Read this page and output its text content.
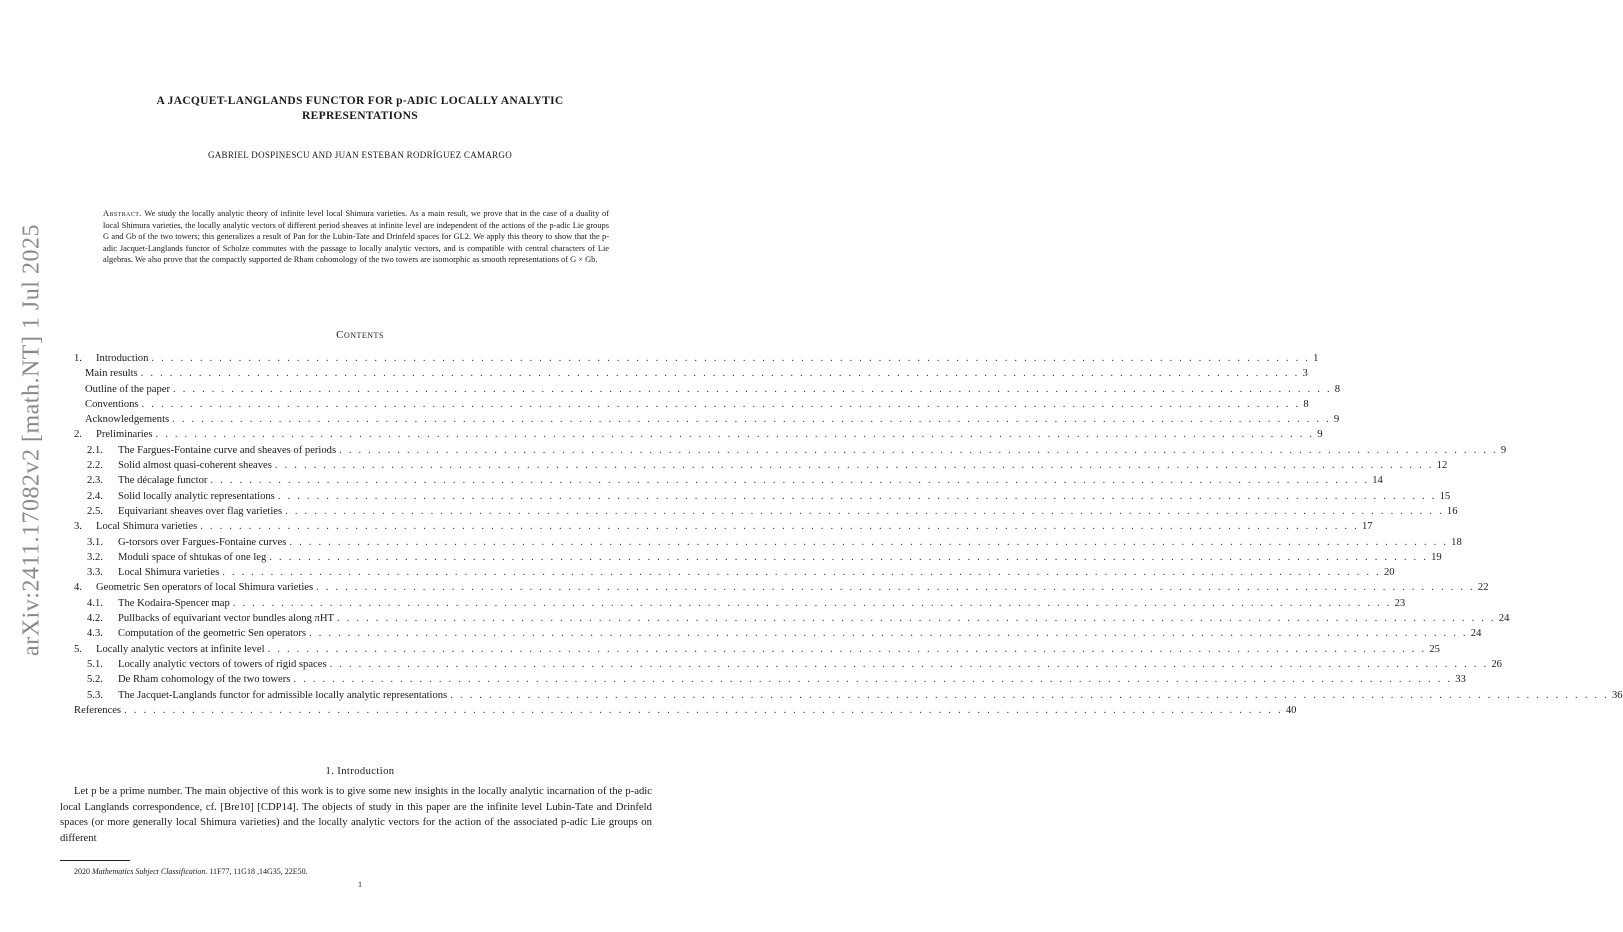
arXiv:2411.17082v2 [math.NT] 1 Jul 2025
A JACQUET-LANGLANDS FUNCTOR FOR p-ADIC LOCALLY ANALYTIC
REPRESENTATIONS
GABRIEL DOSPINESCU AND JUAN ESTEBAN RODRÍGUEZ CAMARGO
Abstract. We study the locally analytic theory of infinite level local Shimura varieties. As a main result, we prove that in the case of a duality of local Shimura varieties, the locally analytic vectors of different period sheaves at infinite level are independent of the actions of the p-adic Lie groups G and Gb of the two towers; this generalizes a result of Pan for the Lubin-Tate and Drinfeld spaces for GL2. We apply this theory to show that the p-adic Jacquet-Langlands functor of Scholze commutes with the passage to locally analytic vectors, and is compatible with central characters of Lie algebras. We also prove that the compactly supported de Rham cohomology of the two towers are isomorphic as smooth representations of G × Gb.
Contents
1. Introduction . . . . . . . . . . . . . . . . . . . . . . . . . . . . . . . . . . . . . . . . . . . . . . . . . . . . . . . . . . . . . . . . . . . . . . . . . . . . . . . . . . . . . . . . . . . . . . . . . . . . . . . . . . . . . . . . . . . . . . . . 1
Main results . . . . . . . . . . . . . . . . . . . . . . . . . . . . . . . . . . . . . . . . . . . . . . . . . . . . . . . . . . . . . . . . . . . . . . . . . . . . . . . . . . . . . . . . . . . . . . . . . . . . . . . . . . . . . . . . . . . . . . . . 3
Outline of the paper . . . . . . . . . . . . . . . . . . . . . . . . . . . . . . . . . . . . . . . . . . . . . . . . . . . . . . . . . . . . . . . . . . . . . . . . . . . . . . . . . . . . . . . . . . . . . . . . . . . . . . . . . . . . . . . . . . . . . . . . 8
Conventions . . . . . . . . . . . . . . . . . . . . . . . . . . . . . . . . . . . . . . . . . . . . . . . . . . . . . . . . . . . . . . . . . . . . . . . . . . . . . . . . . . . . . . . . . . . . . . . . . . . . . . . . . . . . . . . . . . . . . . . . 8
Acknowledgements . . . . . . . . . . . . . . . . . . . . . . . . . . . . . . . . . . . . . . . . . . . . . . . . . . . . . . . . . . . . . . . . . . . . . . . . . . . . . . . . . . . . . . . . . . . . . . . . . . . . . . . . . . . . . . . . . . . . . . . . 9
2. Preliminaries . . . . . . . . . . . . . . . . . . . . . . . . . . . . . . . . . . . . . . . . . . . . . . . . . . . . . . . . . . . . . . . . . . . . . . . . . . . . . . . . . . . . . . . . . . . . . . . . . . . . . . . . . . . . . . . . . . . . . . . . 9
2.1. The Fargues-Fontaine curve and sheaves of periods . . . . . . . . . . . . . . . . . . . . . . . . . . . . . . . . . . . . . . . . . . . . . . . . . . . . . . . . . . . . . . . . . . . . . . . . . . . . . . . . . . . . . . . . . . . . . . . . . . . . . . . . . . . . . . . . . . . . . . . . 9
2.2. Solid almost quasi-coherent sheaves . . . . . . . . . . . . . . . . . . . . . . . . . . . . . . . . . . . . . . . . . . . . . . . . . . . . . . . . . . . . . . . . . . . . . . . . . . . . . . . . . . . . . . . . . . . . . . . . . . . . . . . . . . . . . . . . . . . . . . . . 12
2.3. The décalage functor . . . . . . . . . . . . . . . . . . . . . . . . . . . . . . . . . . . . . . . . . . . . . . . . . . . . . . . . . . . . . . . . . . . . . . . . . . . . . . . . . . . . . . . . . . . . . . . . . . . . . . . . . . . . . . . . . . . . . . . . 14
2.4. Solid locally analytic representations . . . . . . . . . . . . . . . . . . . . . . . . . . . . . . . . . . . . . . . . . . . . . . . . . . . . . . . . . . . . . . . . . . . . . . . . . . . . . . . . . . . . . . . . . . . . . . . . . . . . . . . . . . . . . . . . . . . . . . . . 15
2.5. Equivariant sheaves over flag varieties . . . . . . . . . . . . . . . . . . . . . . . . . . . . . . . . . . . . . . . . . . . . . . . . . . . . . . . . . . . . . . . . . . . . . . . . . . . . . . . . . . . . . . . . . . . . . . . . . . . . . . . . . . . . . . . . . . . . . . . . 16
3. Local Shimura varieties . . . . . . . . . . . . . . . . . . . . . . . . . . . . . . . . . . . . . . . . . . . . . . . . . . . . . . . . . . . . . . . . . . . . . . . . . . . . . . . . . . . . . . . . . . . . . . . . . . . . . . . . . . . . . . . . . . . . . . . . 17
3.1. G-torsors over Fargues-Fontaine curves . . . . . . . . . . . . . . . . . . . . . . . . . . . . . . . . . . . . . . . . . . . . . . . . . . . . . . . . . . . . . . . . . . . . . . . . . . . . . . . . . . . . . . . . . . . . . . . . . . . . . . . . . . . . . . . . . . . . . . . . 18
3.2. Moduli space of shtukas of one leg . . . . . . . . . . . . . . . . . . . . . . . . . . . . . . . . . . . . . . . . . . . . . . . . . . . . . . . . . . . . . . . . . . . . . . . . . . . . . . . . . . . . . . . . . . . . . . . . . . . . . . . . . . . . . . . . . . . . . . . . 19
3.3. Local Shimura varieties . . . . . . . . . . . . . . . . . . . . . . . . . . . . . . . . . . . . . . . . . . . . . . . . . . . . . . . . . . . . . . . . . . . . . . . . . . . . . . . . . . . . . . . . . . . . . . . . . . . . . . . . . . . . . . . . . . . . . . . . 20
4. Geometric Sen operators of local Shimura varieties . . . . . . . . . . . . . . . . . . . . . . . . . . . . . . . . . . . . . . . . . . . . . . . . . . . . . . . . . . . . . . . . . . . . . . . . . . . . . . . . . . . . . . . . . . . . . . . . . . . . . . . . . . . . . . . . . . . . . . . . 22
4.1. The Kodaira-Spencer map . . . . . . . . . . . . . . . . . . . . . . . . . . . . . . . . . . . . . . . . . . . . . . . . . . . . . . . . . . . . . . . . . . . . . . . . . . . . . . . . . . . . . . . . . . . . . . . . . . . . . . . . . . . . . . . . . . . . . . . . 23
4.2. Pullbacks of equivariant vector bundles along πHT . . . . . . . . . . . . . . . . . . . . . . . . . . . . . . . . . . . . . . . . . . . . . . . . . . . . . . . . . . . . . . . . . . . . . . . . . . . . . . . . . . . . . . . . . . . . . . . . . . . . . . . . . . . . . . . . . . . . . . . . 24
4.3. Computation of the geometric Sen operators . . . . . . . . . . . . . . . . . . . . . . . . . . . . . . . . . . . . . . . . . . . . . . . . . . . . . . . . . . . . . . . . . . . . . . . . . . . . . . . . . . . . . . . . . . . . . . . . . . . . . . . . . . . . . . . . . . . . . . . . 24
5. Locally analytic vectors at infinite level . . . . . . . . . . . . . . . . . . . . . . . . . . . . . . . . . . . . . . . . . . . . . . . . . . . . . . . . . . . . . . . . . . . . . . . . . . . . . . . . . . . . . . . . . . . . . . . . . . . . . . . . . . . . . . . . . . . . . . . . 25
5.1. Locally analytic vectors of towers of rigid spaces . . . . . . . . . . . . . . . . . . . . . . . . . . . . . . . . . . . . . . . . . . . . . . . . . . . . . . . . . . . . . . . . . . . . . . . . . . . . . . . . . . . . . . . . . . . . . . . . . . . . . . . . . . . . . . . . . . . . . . . . 26
5.2. De Rham cohomology of the two towers . . . . . . . . . . . . . . . . . . . . . . . . . . . . . . . . . . . . . . . . . . . . . . . . . . . . . . . . . . . . . . . . . . . . . . . . . . . . . . . . . . . . . . . . . . . . . . . . . . . . . . . . . . . . . . . . . . . . . . . . 33
5.3. The Jacquet-Langlands functor for admissible locally analytic representations . . . . . . . . . . . . . . . . . . . . . . . . . . . . . . . . . . . . . . . . . . . . . . . . . . . . . . . . . . . . . . . . . . . . . . . . . . . . . . . . . . . . . . . . . . . . . . . . . . . . . . . . . . . . . . . . . . . . . . . . 36
References . . . . . . . . . . . . . . . . . . . . . . . . . . . . . . . . . . . . . . . . . . . . . . . . . . . . . . . . . . . . . . . . . . . . . . . . . . . . . . . . . . . . . . . . . . . . . . . . . . . . . . . . . . . . . . . . . . . . . . . . 40
1. Introduction

Let p be a prime number. The main objective of this work is to give some new insights in the locally analytic incarnation of the p-adic local Langlands correspondence, cf. [Bre10] [CDP14]. The objects of study in this paper are the infinite level Lubin-Tate and Drinfeld spaces (or more generally local Shimura varieties) and the locally analytic vectors for the action of the associated p-adic Lie groups on different

2020 Mathematics Subject Classification. 11F77, 11G18 ,14G35, 22E50.
1
